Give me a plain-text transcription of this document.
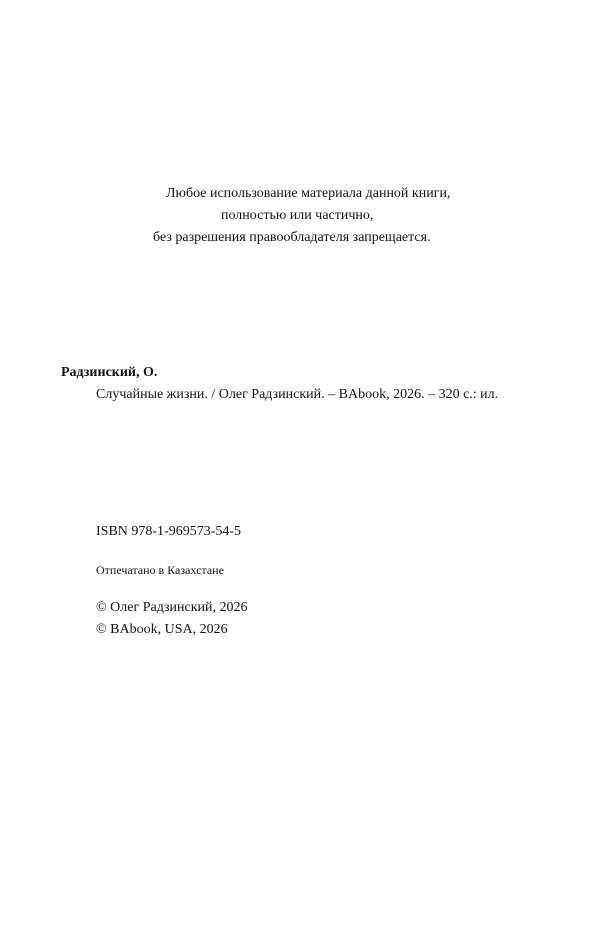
Любое использование материала данной книги,
полностью или частично,
без разрешения правообладателя запрещается.
Радзинский, О.
Случайные жизни. / Олег Радзинский. – BAbook, 2026. – 320 с.: ил.
ISBN 978-1-969573-54-5
Отпечатано в Казахстане
© Олег Радзинский, 2026
© BAbook, USA, 2026
